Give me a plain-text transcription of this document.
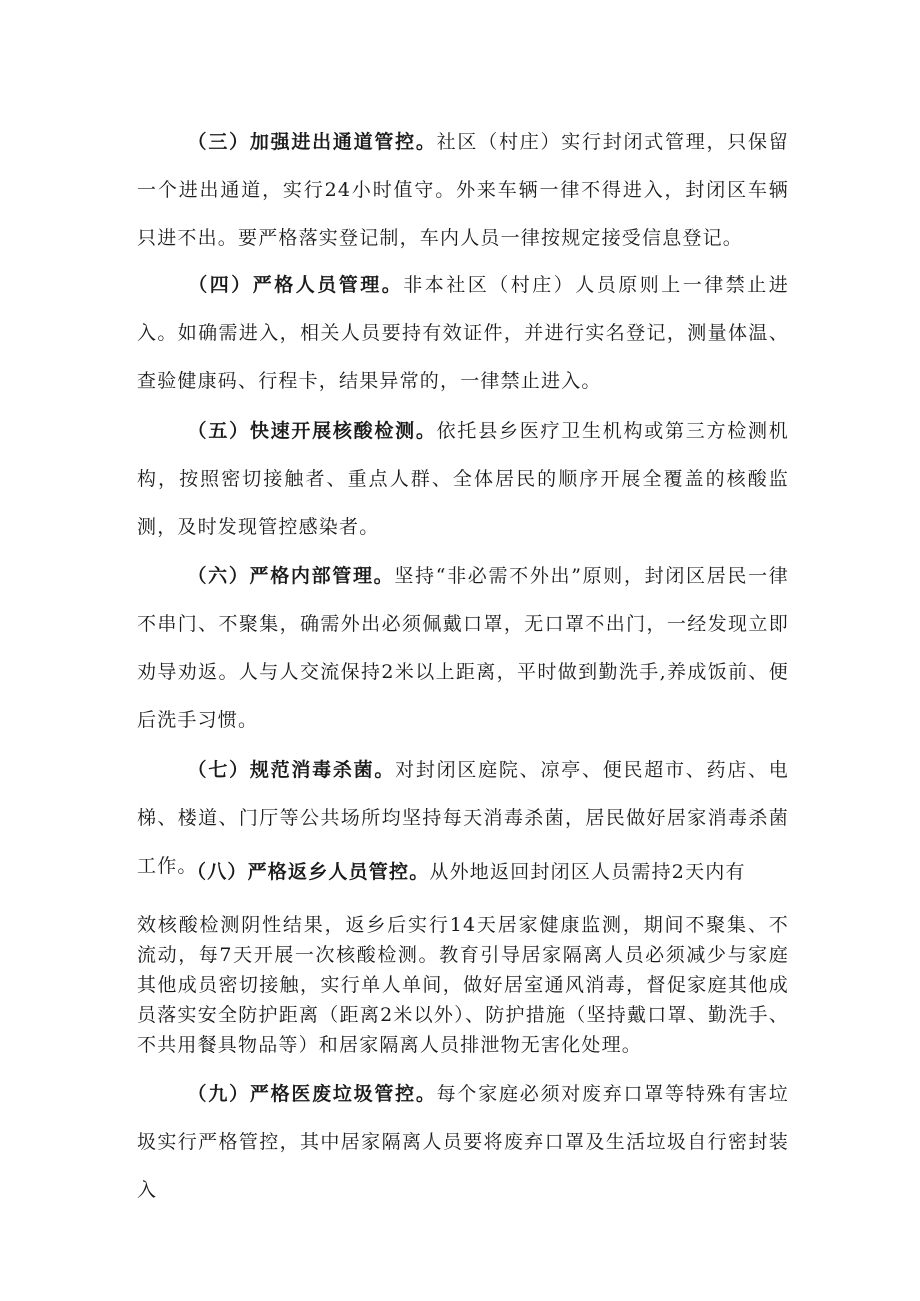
（三）加强进出通道管控。社区（村庄）实行封闭式管理，只保留一个进出通道，实行24小时值守。外来车辆一律不得进入，封闭区车辆只进不出。要严格落实登记制，车内人员一律按规定接受信息登记。

（四）严格人员管理。非本社区（村庄）人员原则上一律禁止进入。如确需进入，相关人员要持有效证件，并进行实名登记，测量体温、查验健康码、行程卡，结果异常的，一律禁止进入。

（五）快速开展核酸检测。依托县乡医疗卫生机构或第三方检测机构，按照密切接触者、重点人群、全体居民的顺序开展全覆盖的核酸监测，及时发现管控感染者。

（六）严格内部管理。坚持“非必需不外出”原则，封闭区居民一律不串门、不聚集，确需外出必须佩戴口罩，无口罩不出门，一经发现立即劝导劝返。人与人交流保持2米以上距离，平时做到勤洗手,养成饭前、便后洗手习惯。

（七）规范消毒杀菌。对封闭区庭院、凉亭、便民超市、药店、电梯、楼道、门厅等公共场所均坚持每天消毒杀菌，居民做好居家消毒杀菌工作。

（八）严格返乡人员管控。从外地返回封闭区人员需持2天内有

效核酸检测阴性结果，返乡后实行14天居家健康监测，期间不聚集、不流动，每7天开展一次核酸检测。教育引导居家隔离人员必须减少与家庭其他成员密切接触，实行单人单间，做好居室通风消毒，督促家庭其他成员落实安全防护距离（距离2米以外）、防护措施（坚持戴口罩、勤洗手、不共用餐具物品等）和居家隔离人员排泄物无害化处理。

（九）严格医废垃圾管控。每个家庭必须对废弃口罩等特殊有害垃圾实行严格管控，其中居家隔离人员要将废弃口罩及生活垃圾自行密封装入
